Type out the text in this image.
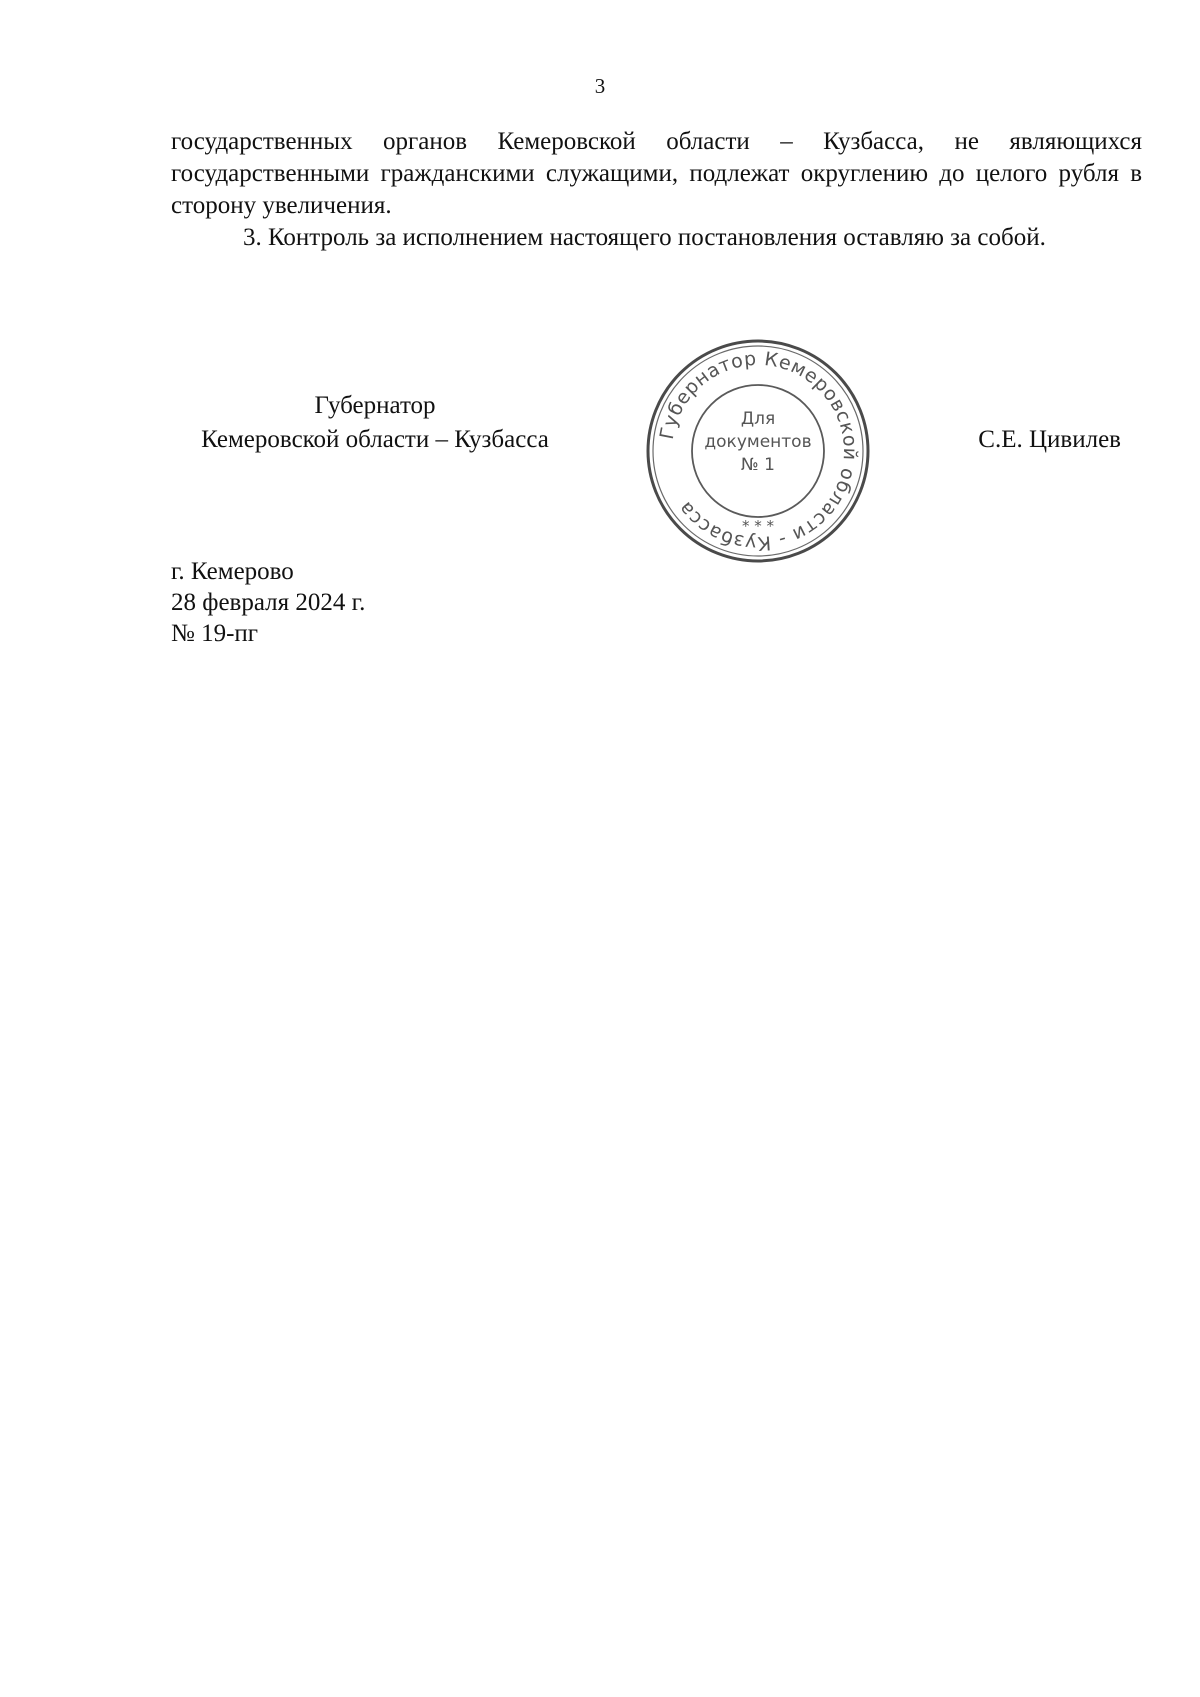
3

государственных органов Кемеровской области – Кузбасса, не являющихся государственными гражданскими служащими, подлежат округлению до целого рубля в сторону увеличения.

3. Контроль за исполнением настоящего постановления оставляю за собой.

Губернатор
Кемеровской области – Кузбасса	Губернатор Кемеровской области - Кузбасса
Для
документов
№ 1
* * *
С.Е. Цивилев
г. Кемерово
28 февраля 2024 г.
№ 19-пг
